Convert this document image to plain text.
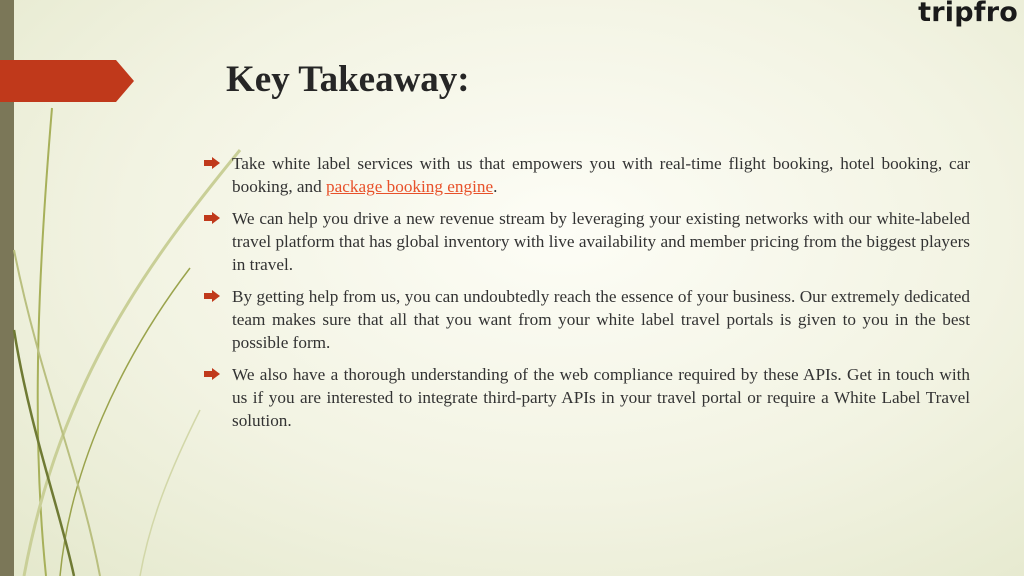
tripfro
Key Takeaway:
Take white label services with us that empowers you with real-time flight booking, hotel booking, car booking, and package booking engine.
We can help you drive a new revenue stream by leveraging your existing networks with our white-labeled travel platform that has global inventory with live availability and member pricing from the biggest players in travel.
By getting help from us, you can undoubtedly reach the essence of your business. Our extremely dedicated team makes sure that all that you want from your white label travel portals is given to you in the best possible form.
We also have a thorough understanding of the web compliance required by these APIs. Get in touch with us if you are interested to integrate third-party APIs in your travel portal or require a White Label Travel solution.
